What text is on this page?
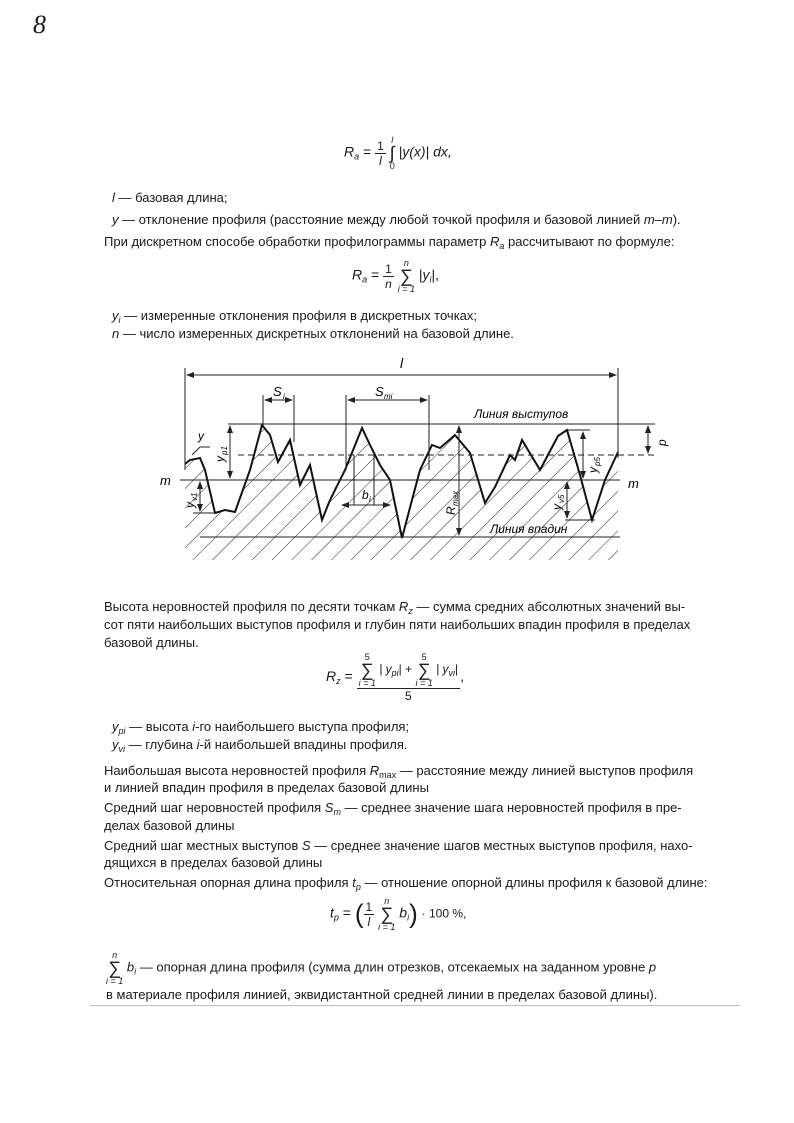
8
$R_a = \frac{1}{l}$
l
∫
0
|y(x)| dx,
l — базовая длина;
y — отклонение профиля (расстояние между любой точкой профиля и базовой линией m–m).
При дискретном способе обработки профилограммы параметр $R_a$ рассчитывают по формуле:
$R_a = \frac{1}{n}$
	n
∑
i = 1
$|y_i|$,
$y_i$ — измеренные отклонения профиля в дискретных точках;
n — число измеренных дискретных отклонений на базовой длине.
l
S i	S mi
Линия выступов
Линия впадин
m	m
y
b i
y
p1
y
v1
R
max
y
p5
y
v5
p
Высота неровностей профиля по десяти точкам $R_z$ — сумма средних абсолютных значений вы-
сот пяти наибольших выступов профиля и глубин пяти наибольших впадин профиля в пределах
базовой длины.
$R_z = 5$
∑
i = 1
| $y_{pi}|$ +
5
∑
i = 1
| $y_{vi}|$
5 ,
$y_{pi}$ — высота i-го наибольшего выступа профиля;
$y_{vi}$ — глубина i-й наибольшей впадины профиля.
Наибольшая высота неровностей профиля $R_{max}$ — расстояние между линией выступов профиля
и линией впадин профиля в пределах базовой длины
Средний шаг неровностей профиля $S_m$ — среднее значение шага неровностей профиля в пре-
делах базовой длины
Средний шаг местных выступов S — среднее значение шагов местных выступов профиля, нахо-
дящихся в пределах базовой длины
Относительная опорная длина профиля $t_p$ — отношение опорной длины профиля к базовой длине:
$t_p$ = ( $\frac{1}{l}$
	n
∑
i = 1
$b_i) \cdot 100$ %,
n
∑
i = 1
$b_i$ — опорная длина профиля (сумма длин отрезков, отсекаемых на заданном уровне p
в материале профиля линией, эквидистантной средней линии в пределах базовой длины).
